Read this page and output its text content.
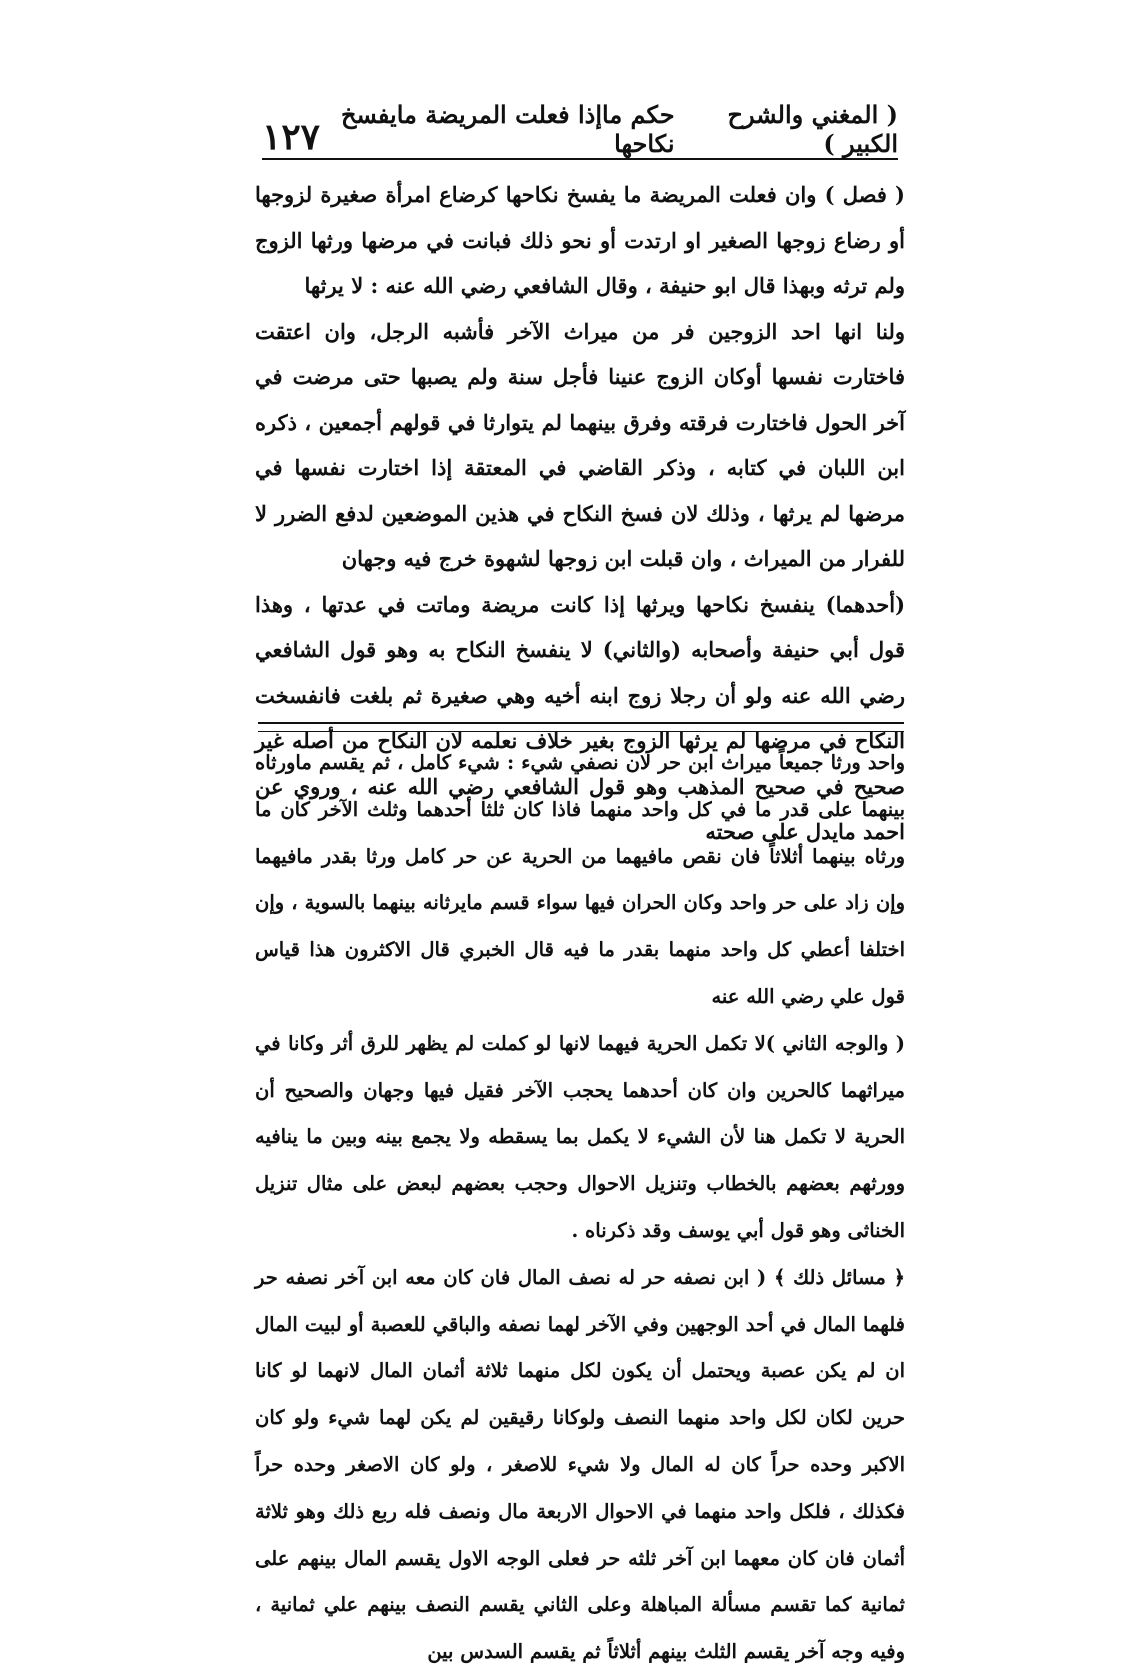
( المغني والشرح الكبير )
حكم ماإذا فعلت المريضة مايفسخ نكاحها
١٢٧

( فصل ) وان فعلت المريضة ما يفسخ نكاحها كرضاع امرأة صغيرة لزوجها أو رضاع زوجها الصغير او ارتدت أو نحو ذلك فبانت في مرضها ورثها الزوج ولم ترثه وبهذا قال ابو حنيفة ، وقال الشافعي رضي الله عنه : لا يرثها

ولنا انها احد الزوجين فر من ميراث الآخر فأشبه الرجل، وان اعتقت فاختارت نفسها أوكان الزوج عنينا فأجل سنة ولم يصبها حتى مرضت في آخر الحول فاختارت فرقته وفرق بينهما لم يتوارثا في قولهم أجمعين ، ذكره ابن اللبان في كتابه ، وذكر القاضي في المعتقة إذا اختارت نفسها في مرضها لم يرثها ، وذلك لان فسخ النكاح في هذين الموضعين لدفع الضرر لا للفرار من الميراث ، وان قبلت ابن زوجها لشهوة خرج فيه وجهان

(أحدهما) ينفسخ نكاحها ويرثها إذا كانت مريضة وماتت في عدتها ، وهذا قول أبي حنيفة وأصحابه (والثاني) لا ينفسخ النكاح به وهو قول الشافعي رضي الله عنه ولو أن رجلا زوج ابنه أخيه وهي صغيرة ثم بلغت فانفسخت النكاح في مرضها لم يرثها الزوج بغير خلاف نعلمه لان النكاح من أصله غير صحيح في صحيح المذهب وهو قول الشافعي رضي الله عنه ، وروي عن احمد مايدل على صحته

واحد ورثا جميعاً ميراث ابن حر لان نصفي شيء : شيء كامل ، ثم يقسم ماورثاه بينهما على قدر ما في كل واحد منهما فاذا كان ثلثا أحدهما وثلث الآخر كان ما ورثاه بينهما أثلاثاً فان نقص مافيهما من الحرية عن حر كامل ورثا بقدر مافيهما وإن زاد على حر واحد وكان الحران فيها سواء قسم مايرثانه بينهما بالسوية ، وإن اختلفا أعطي كل واحد منهما بقدر ما فيه قال الخبري قال الاكثرون هذا قياس قول علي رضي الله عنه

( والوجه الثاني )لا تكمل الحرية فيهما لانها لو كملت لم يظهر للرق أثر وكانا في ميراثهما كالحرين وان كان أحدهما يحجب الآخر فقيل فيها وجهان والصحيح أن الحرية لا تكمل هنا لأن الشيء لا يكمل بما يسقطه ولا يجمع بينه وبين ما ينافيه وورثهم بعضهم بالخطاب وتنزيل الاحوال وحجب بعضهم لبعض على مثال تنزيل الخناثى وهو قول أبي يوسف وقد ذكرناه .

﴿ مسائل ذلك ﴾ ( ابن نصفه حر له نصف المال فان كان معه ابن آخر نصفه حر فلهما المال في أحد الوجهين وفي الآخر لهما نصفه والباقي للعصبة أو لبيت المال ان لم يكن عصبة ويحتمل أن يكون لكل منهما ثلاثة أثمان المال لانهما لو كانا حرين لكان لكل واحد منهما النصف ولوكانا رقيقين لم يكن لهما شيء ولو كان الاكبر وحده حراً كان له المال ولا شيء للاصغر ، ولو كان الاصغر وحده حراً فكذلك ، فلكل واحد منهما في الاحوال الاربعة مال ونصف فله ربع ذلك وهو ثلاثة أثمان فان كان معهما ابن آخر ثلثه حر فعلى الوجه الاول يقسم المال بينهم على ثمانية كما تقسم مسألة المباهلة وعلى الثاني يقسم النصف بينهم علي ثمانية ، وفيه وجه آخر يقسم الثلث بينهم أثلاثاً ثم يقسم السدس بين
